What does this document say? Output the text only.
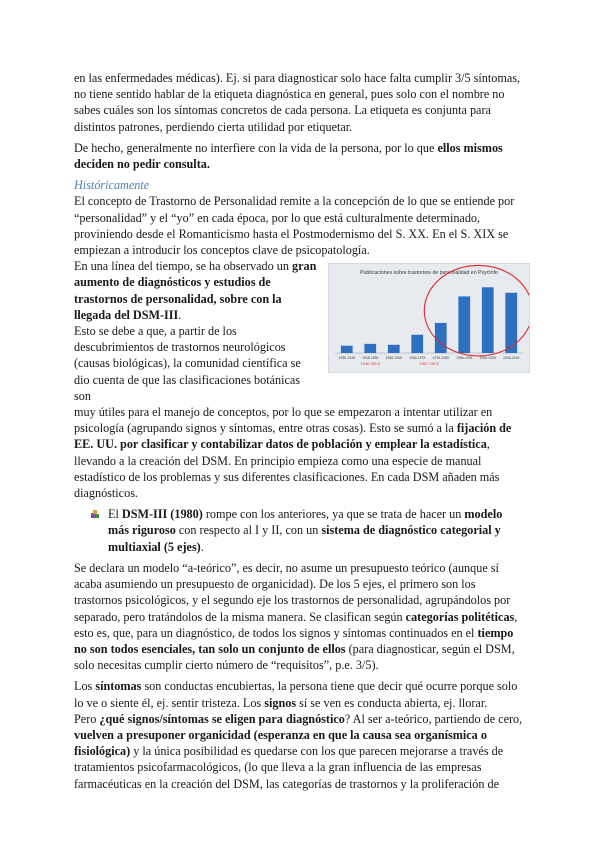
en las enfermedades médicas). Ej. si para diagnosticar solo hace falta cumplir 3/5 síntomas, no tiene sentido hablar de la etiqueta diagnóstica en general, pues solo con el nombre no sabes cuáles son los síntomas concretos de cada persona. La etiqueta es conjunta para distintos patrones, perdiendo cierta utilidad por etiquetar.

De hecho, generalmente no interfiere con la vida de la persona, por lo que ellos mismos deciden no pedir consulta.

Históricamente

El concepto de Trastorno de Personalidad remite a la concepción de lo que se entiende por “personalidad” y el “yo” en cada época, por lo que está culturalmente determinado, proviniendo desde el Romanticismo hasta el Postmodernismo del S. XX. En el S. XIX se empiezan a introducir los conceptos clave de psicopatología.

En una línea del tiempo, se ha observado un gran aumento de diagnósticos y estudios de trastornos de personalidad, sobre con la llegada del DSM-III.

Esto se debe a que, a partir de los descubrimientos de trastornos neurológicos (causas biológicas), la comunidad científica se dio cuenta de que las clasificaciones botánicas son

muy útiles para el manejo de conceptos, por lo que se empezaron a intentar utilizar en psicología (agrupando signos y síntomas, entre otras cosas). Esto se sumó a la fijación de EE. UU. por clasificar y contabilizar datos de población y emplear la estadística, llevando a la creación del DSM. En principio empieza como una especie de manual estadístico de los problemas y sus diferentes clasificaciones. En cada DSM añaden más diagnósticos.

El DSM-III (1980) rompe con los anteriores, ya que se trata de hacer un modelo más riguroso con respecto al I y II, con un sistema de diagnóstico categorial y multiaxial (5 ejes).

Se declara un modelo “a-teórico”, es decir, no asume un presupuesto teórico (aunque sí acaba asumiendo un presupuesto de organicidad). De los 5 ejes, el primero son los trastornos psicológicos, y el segundo eje los trastornos de personalidad, agrupándolos por separado, pero tratándolos de la misma manera. Se clasifican según categorías politéticas, esto es, que, para un diagnóstico, de todos los signos y síntomas continuados en el tiempo no son todos esenciales, tan solo un conjunto de ellos (para diagnosticar, según el DSM, solo necesitas cumplir cierto número de “requisitos”, p.e. 3/5).

Los síntomas son conductas encubiertas, la persona tiene que decir qué ocurre porque solo lo ve o siente él, ej. sentir tristeza. Los signos sí se ven es conducta abierta, ej. llorar.

Pero ¿qué signos/síntomas se eligen para diagnóstico? Al ser a-teórico, partiendo de cero, vuelven a presuponer organicidad (esperanza en que la causa sea organísmica o fisiológica) y la única posibilidad es quedarse con los que parecen mejorarse a través de tratamientos psicofarmacológicos, (lo que lleva a la gran influencia de las empresas farmacéuticas en la creación del DSM, las categorías de trastornos y la proliferación de

Publicaciones sobre trastornos de personalidad en PsycInfo
1936-1945 1946-1955 1956-1965 1966-1975 1976-1985 1986-1995 1996-2005 2006-2015
1948: CIE 6	1967: CIE 8
